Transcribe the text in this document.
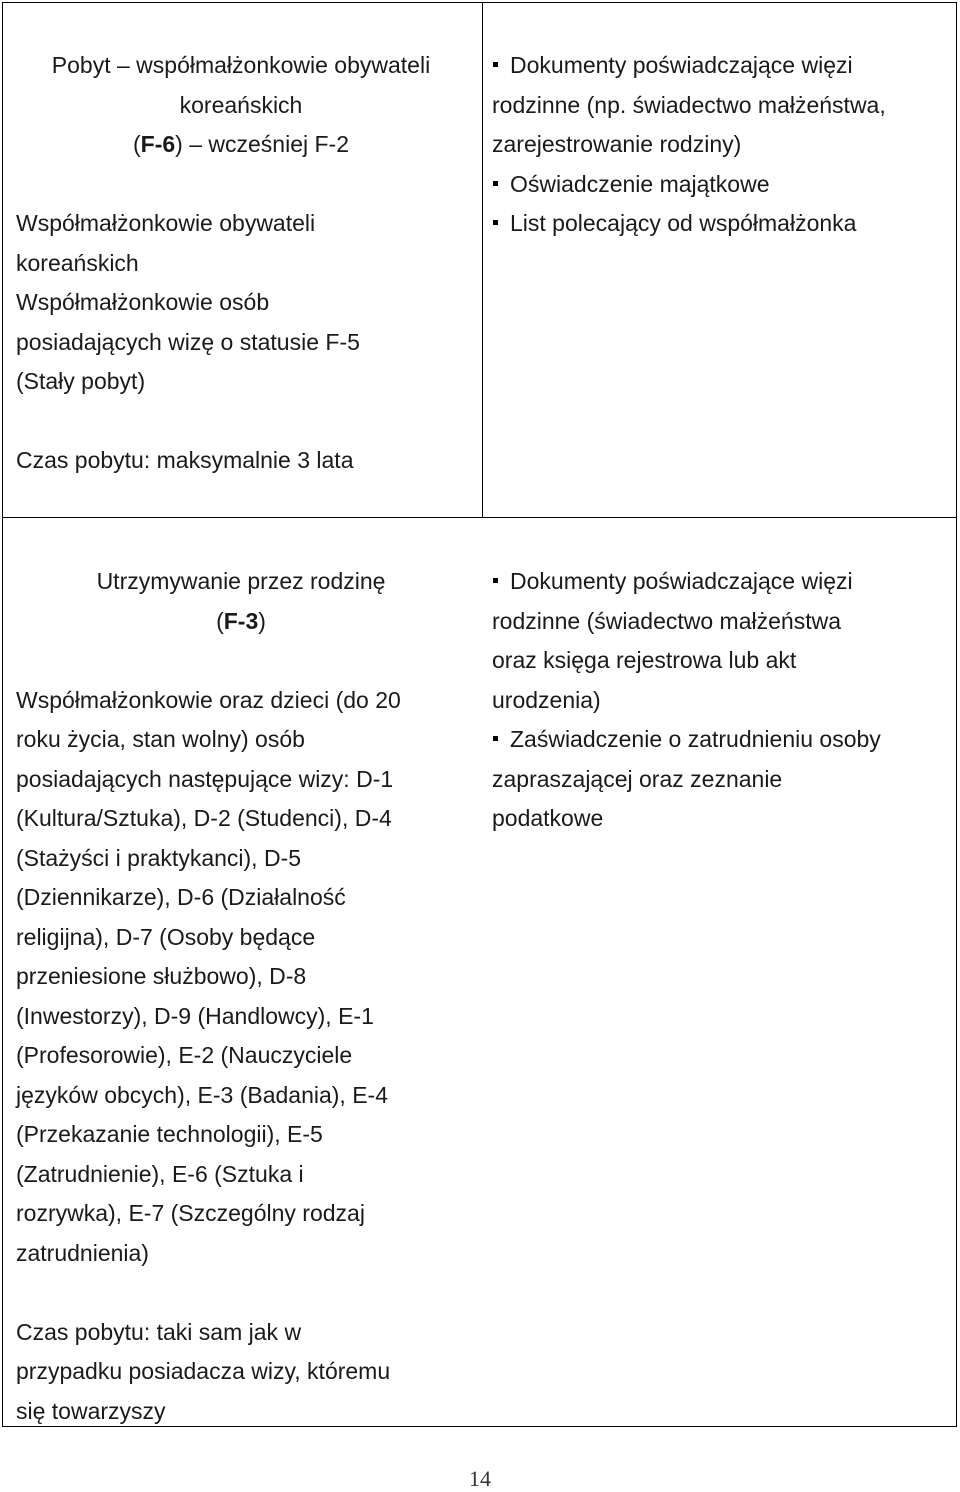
Pobyt – współmałżonkowie obywateli
koreańskich
(F-6) – wcześniej F-2
Współmałżonkowie obywateli
koreańskich
Współmałżonkowie osób
posiadających wizę o statusie F-5
(Stały pobyt)
Czas pobytu: maksymalnie 3 lata
Dokumenty poświadczające więzi
rodzinne (np. świadectwo małżeństwa,
zarejestrowanie rodziny)
Oświadczenie majątkowe
List polecający od współmałżonka
Utrzymywanie przez rodzinę
(F-3)
Współmałżonkowie oraz dzieci (do 20
roku życia, stan wolny) osób
posiadających następujące wizy: D-1
(Kultura/Sztuka), D-2 (Studenci), D-4
(Stażyści i praktykanci), D-5
(Dziennikarze), D-6 (Działalność
religijna), D-7 (Osoby będące
przeniesione służbowo), D-8
(Inwestorzy), D-9 (Handlowcy), E-1
(Profesorowie), E-2 (Nauczyciele
języków obcych), E-3 (Badania), E-4
(Przekazanie technologii), E-5
(Zatrudnienie), E-6 (Sztuka i
rozrywka), E-7 (Szczególny rodzaj
zatrudnienia)
Czas pobytu: taki sam jak w
przypadku posiadacza wizy, któremu
się towarzyszy
Dokumenty poświadczające więzi
rodzinne (świadectwo małżeństwa
oraz księga rejestrowa lub akt
urodzenia)
Zaświadczenie o zatrudnieniu osoby
zapraszającej oraz zeznanie
podatkowe
14
